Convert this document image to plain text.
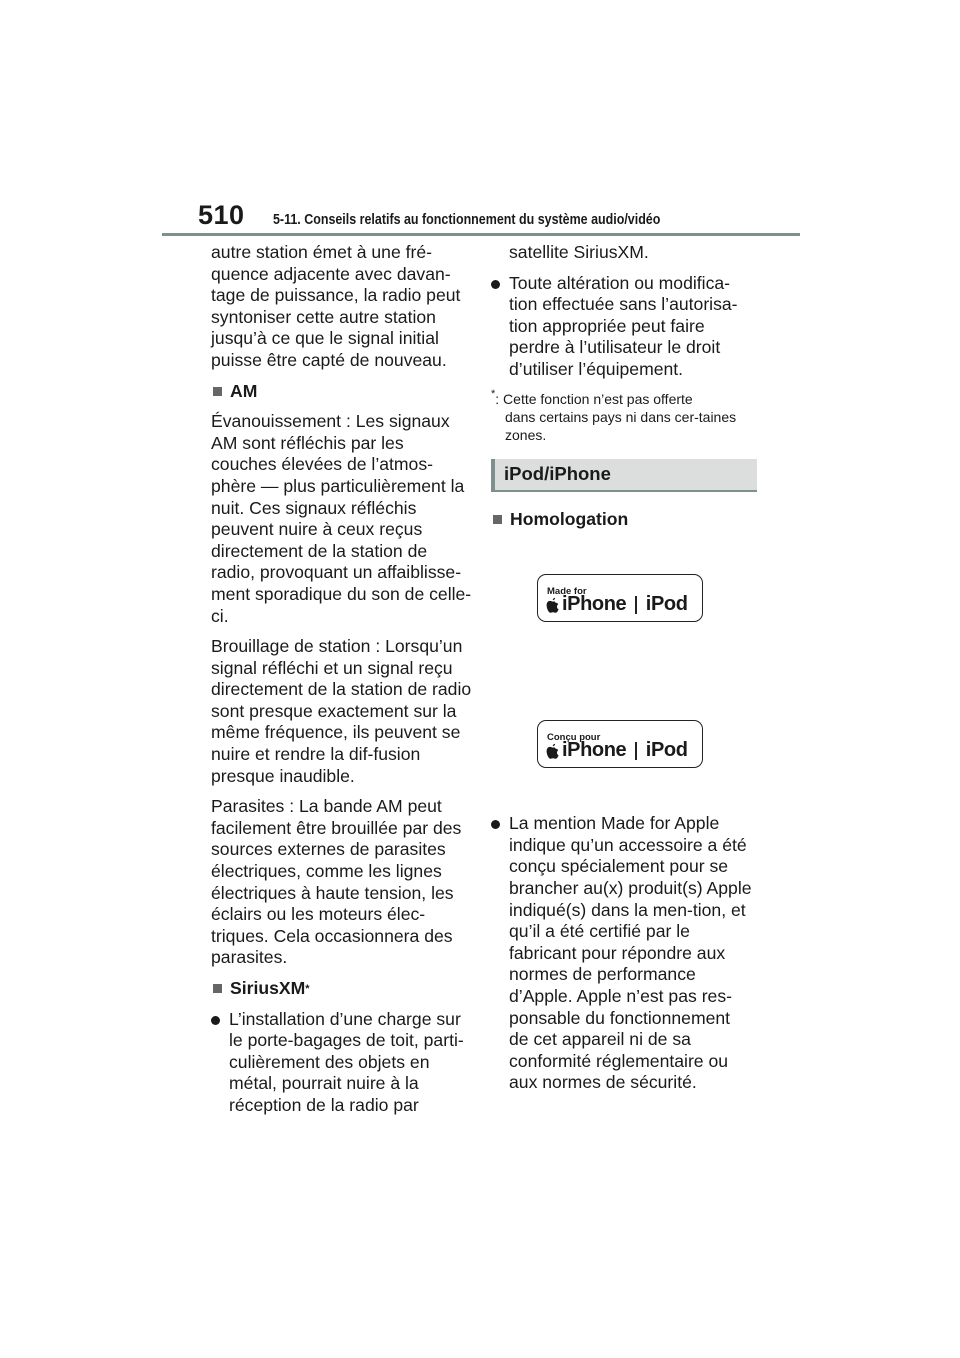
510 5-11. Conseils relatifs au fonctionnement du système audio/vidéo

autre station émet à une fré-quence adjacente avec davan-tage de puissance, la radio peut syntoniser cette autre station jusqu’à ce que le signal initial puisse être capté de nouveau.

AM

Évanouissement : Les signaux AM sont réfléchis par les couches élevées de l’atmos-phère — plus particulièrement la nuit. Ces signaux réfléchis peuvent nuire à ceux reçus directement de la station de radio, provoquant un affaiblisse-ment sporadique du son de celle-ci.

Brouillage de station : Lorsqu’un signal réfléchi et un signal reçu directement de la station de radio sont presque exactement sur la même fréquence, ils peuvent se nuire et rendre la dif-fusion presque inaudible.

Parasites : La bande AM peut facilement être brouillée par des sources externes de parasites électriques, comme les lignes électriques à haute tension, les éclairs ou les moteurs élec-triques. Cela occasionnera des parasites.

SiriusXM *
L’installation d’une charge sur le porte-bagages de toit, parti-culièrement des objets en métal, pourrait nuire à la réception de la radio par
satellite SiriusXM.
Toute altération ou modifica-tion effectuée sans l’autorisa-tion appropriée peut faire perdre à l’utilisateur le droit d’utiliser l’équipement.
*: Cette fonction n’est pas offerte
dans certains pays ni dans cer-taines zones.
iPod/iPhone
Homologation
Made for
iPhone iPod
Conçu pour
iPhone iPod
La mention Made for Apple indique qu’un accessoire a été conçu spécialement pour se brancher au(x) produit(s) Apple indiqué(s) dans la men-tion, et qu’il a été certifié par le fabricant pour répondre aux normes de performance d’Apple. Apple n’est pas res-ponsable du fonctionnement de cet appareil ni de sa conformité réglementaire ou aux normes de sécurité.
